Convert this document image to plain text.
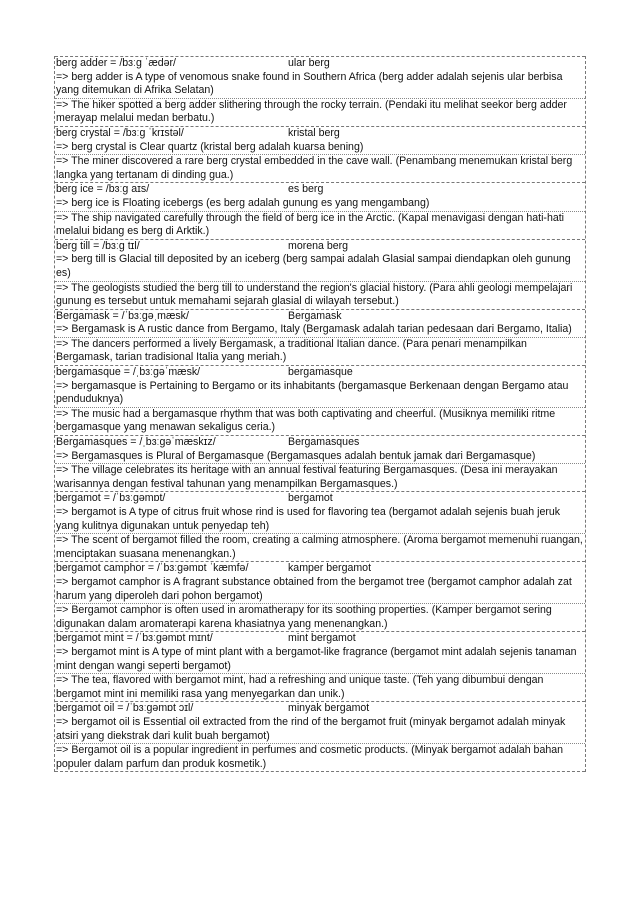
berg adder = /bɜːɡ ˈædər/	ular berg
=> berg adder is A type of venomous snake found in Southern Africa (berg adder adalah sejenis ular berbisa yang ditemukan di Afrika Selatan)
=> The hiker spotted a berg adder slithering through the rocky terrain. (Pendaki itu melihat seekor berg adder merayap melalui medan berbatu.)
berg crystal = /bɜːɡ ˈkrɪstəl/	kristal berg
=> berg crystal is Clear quartz (kristal berg adalah kuarsa bening)
=> The miner discovered a rare berg crystal embedded in the cave wall. (Penambang menemukan kristal berg langka yang tertanam di dinding gua.)
berg ice = /bɜːɡ aɪs/	es berg
=> berg ice is Floating icebergs (es berg adalah gunung es yang mengambang)
=> The ship navigated carefully through the field of berg ice in the Arctic. (Kapal menavigasi dengan hati-hati melalui bidang es berg di Arktik.)
berg till = /bɜːɡ tɪl/	morena berg
=> berg till is Glacial till deposited by an iceberg (berg sampai adalah Glasial sampai diendapkan oleh gunung es)
=> The geologists studied the berg till to understand the region's glacial history. (Para ahli geologi mempelajari gunung es tersebut untuk memahami sejarah glasial di wilayah tersebut.)
Bergamask = /ˈbɜːɡəˌmæsk/	Bergamask
=> Bergamask is A rustic dance from Bergamo, Italy (Bergamask adalah tarian pedesaan dari Bergamo, Italia)
=> The dancers performed a lively Bergamask, a traditional Italian dance. (Para penari menampilkan Bergamask, tarian tradisional Italia yang meriah.)
bergamasque = /ˌbɜːɡəˈmæsk/	bergamasque
=> bergamasque is Pertaining to Bergamo or its inhabitants (bergamasque Berkenaan dengan Bergamo atau penduduknya)
=> The music had a bergamasque rhythm that was both captivating and cheerful. (Musiknya memiliki ritme bergamasque yang menawan sekaligus ceria.)
Bergamasques = /ˌbɜːɡəˈmæskɪz/	Bergamasques
=> Bergamasques is Plural of Bergamasque (Bergamasques adalah bentuk jamak dari Bergamasque)
=> The village celebrates its heritage with an annual festival featuring Bergamasques. (Desa ini merayakan warisannya dengan festival tahunan yang menampilkan Bergamasques.)
bergamot = /ˈbɜːɡəmɒt/	bergamot
=> bergamot is A type of citrus fruit whose rind is used for flavoring tea (bergamot adalah sejenis buah jeruk yang kulitnya digunakan untuk penyedap teh)
=> The scent of bergamot filled the room, creating a calming atmosphere. (Aroma bergamot memenuhi ruangan, menciptakan suasana menenangkan.)
bergamot camphor = /ˈbɜːɡəmɒt ˈkæmfə/	kamper bergamot
=> bergamot camphor is A fragrant substance obtained from the bergamot tree (bergamot camphor adalah zat harum yang diperoleh dari pohon bergamot)
=> Bergamot camphor is often used in aromatherapy for its soothing properties. (Kamper bergamot sering digunakan dalam aromaterapi karena khasiatnya yang menenangkan.)
bergamot mint = /ˈbɜːɡəmɒt mɪnt/	mint bergamot
=> bergamot mint is A type of mint plant with a bergamot-like fragrance (bergamot mint adalah sejenis tanaman mint dengan wangi seperti bergamot)
=> The tea, flavored with bergamot mint, had a refreshing and unique taste. (Teh yang dibumbui dengan bergamot mint ini memiliki rasa yang menyegarkan dan unik.)
bergamot oil = /ˈbɜːɡəmɒt ɔɪl/	minyak bergamot
=> bergamot oil is Essential oil extracted from the rind of the bergamot fruit (minyak bergamot adalah minyak atsiri yang diekstrak dari kulit buah bergamot)
=> Bergamot oil is a popular ingredient in perfumes and cosmetic products. (Minyak bergamot adalah bahan populer dalam parfum dan produk kosmetik.)
